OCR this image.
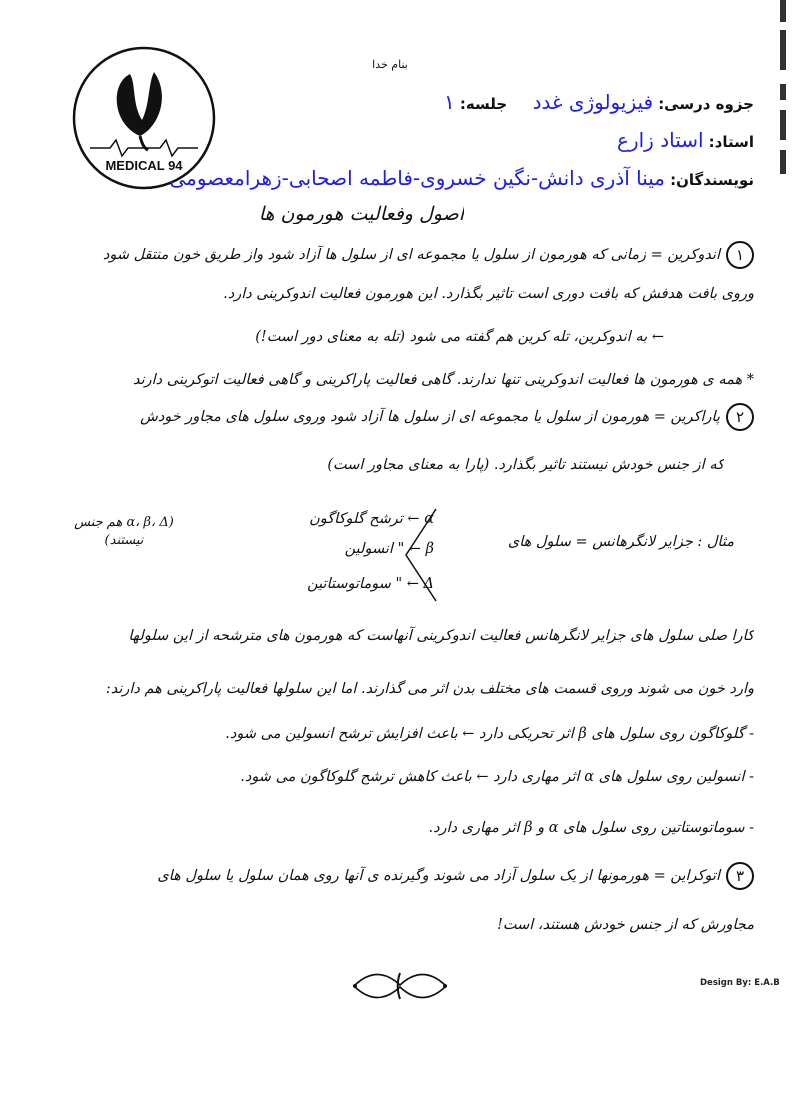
MEDICAL 94
بنام خدا
جزوه درسی: فیزیولوژی غدد     جلسه: ۱
استاد: استاد زارع
نویسندگان: مینا آذری دانش-نگین خسروی-فاطمه اصحابی-زهرامعصومی
اصول وفعالیت هورمون ها
۱اندوکرین = زمانی که هورمون از سلول یا مجموعه ای از سلول ها آزاد شود واز طریق خون منتقل شود
وروی بافت هدفش که بافت دوری است تاثیر بگذارد. این هورمون فعالیت اندوکرینی دارد.
← به اندوکرین، تله کرین هم گفته می شود (تله به معنای دور است!)
* همه ی هورمون ها فعالیت اندوکرینی تنها ندارند. گاهی فعالیت پاراکرینی و گاهی فعالیت اتوکرینی دارند
۲پاراکرین = هورمون از سلول یا مجموعه ای از سلول ها آزاد شود وروی سلول های مجاور خودش
که از جنس خودش نیستند تاثیر بگذارد. (پارا به معنای مجاور است)
مثال : جزایر لانگرهانس = سلول های
α ← ترشح گلوکاگون
β ← " انسولین
Δ ← " سوماتوستاتین
(α، β، Δ هم جنس نیستند)
کارا صلی سلول های جزایر لانگرهانس فعالیت اندوکرینی آنهاست که هورمون های مترشحه از این سلولها
وارد خون می شوند وروی قسمت های مختلف بدن اثر می گذارند. اما این سلولها فعالیت پاراکرینی هم دارند:
- گلوکاگون روی سلول های β اثر تحریکی دارد ← باعث افزایش ترشح انسولین می شود.
- انسولین روی سلول های α اثر مهاری دارد ← باعث کاهش ترشح گلوکاگون می شود.
- سوماتوستاتین روی سلول های α و β اثر مهاری دارد.
۳اتوکراین = هورمونها از یک سلول آزاد می شوند وگیرنده ی آنها روی همان سلول یا سلول های
مجاورش که از جنس خودش هستند، است!
Design By: E.A.B
